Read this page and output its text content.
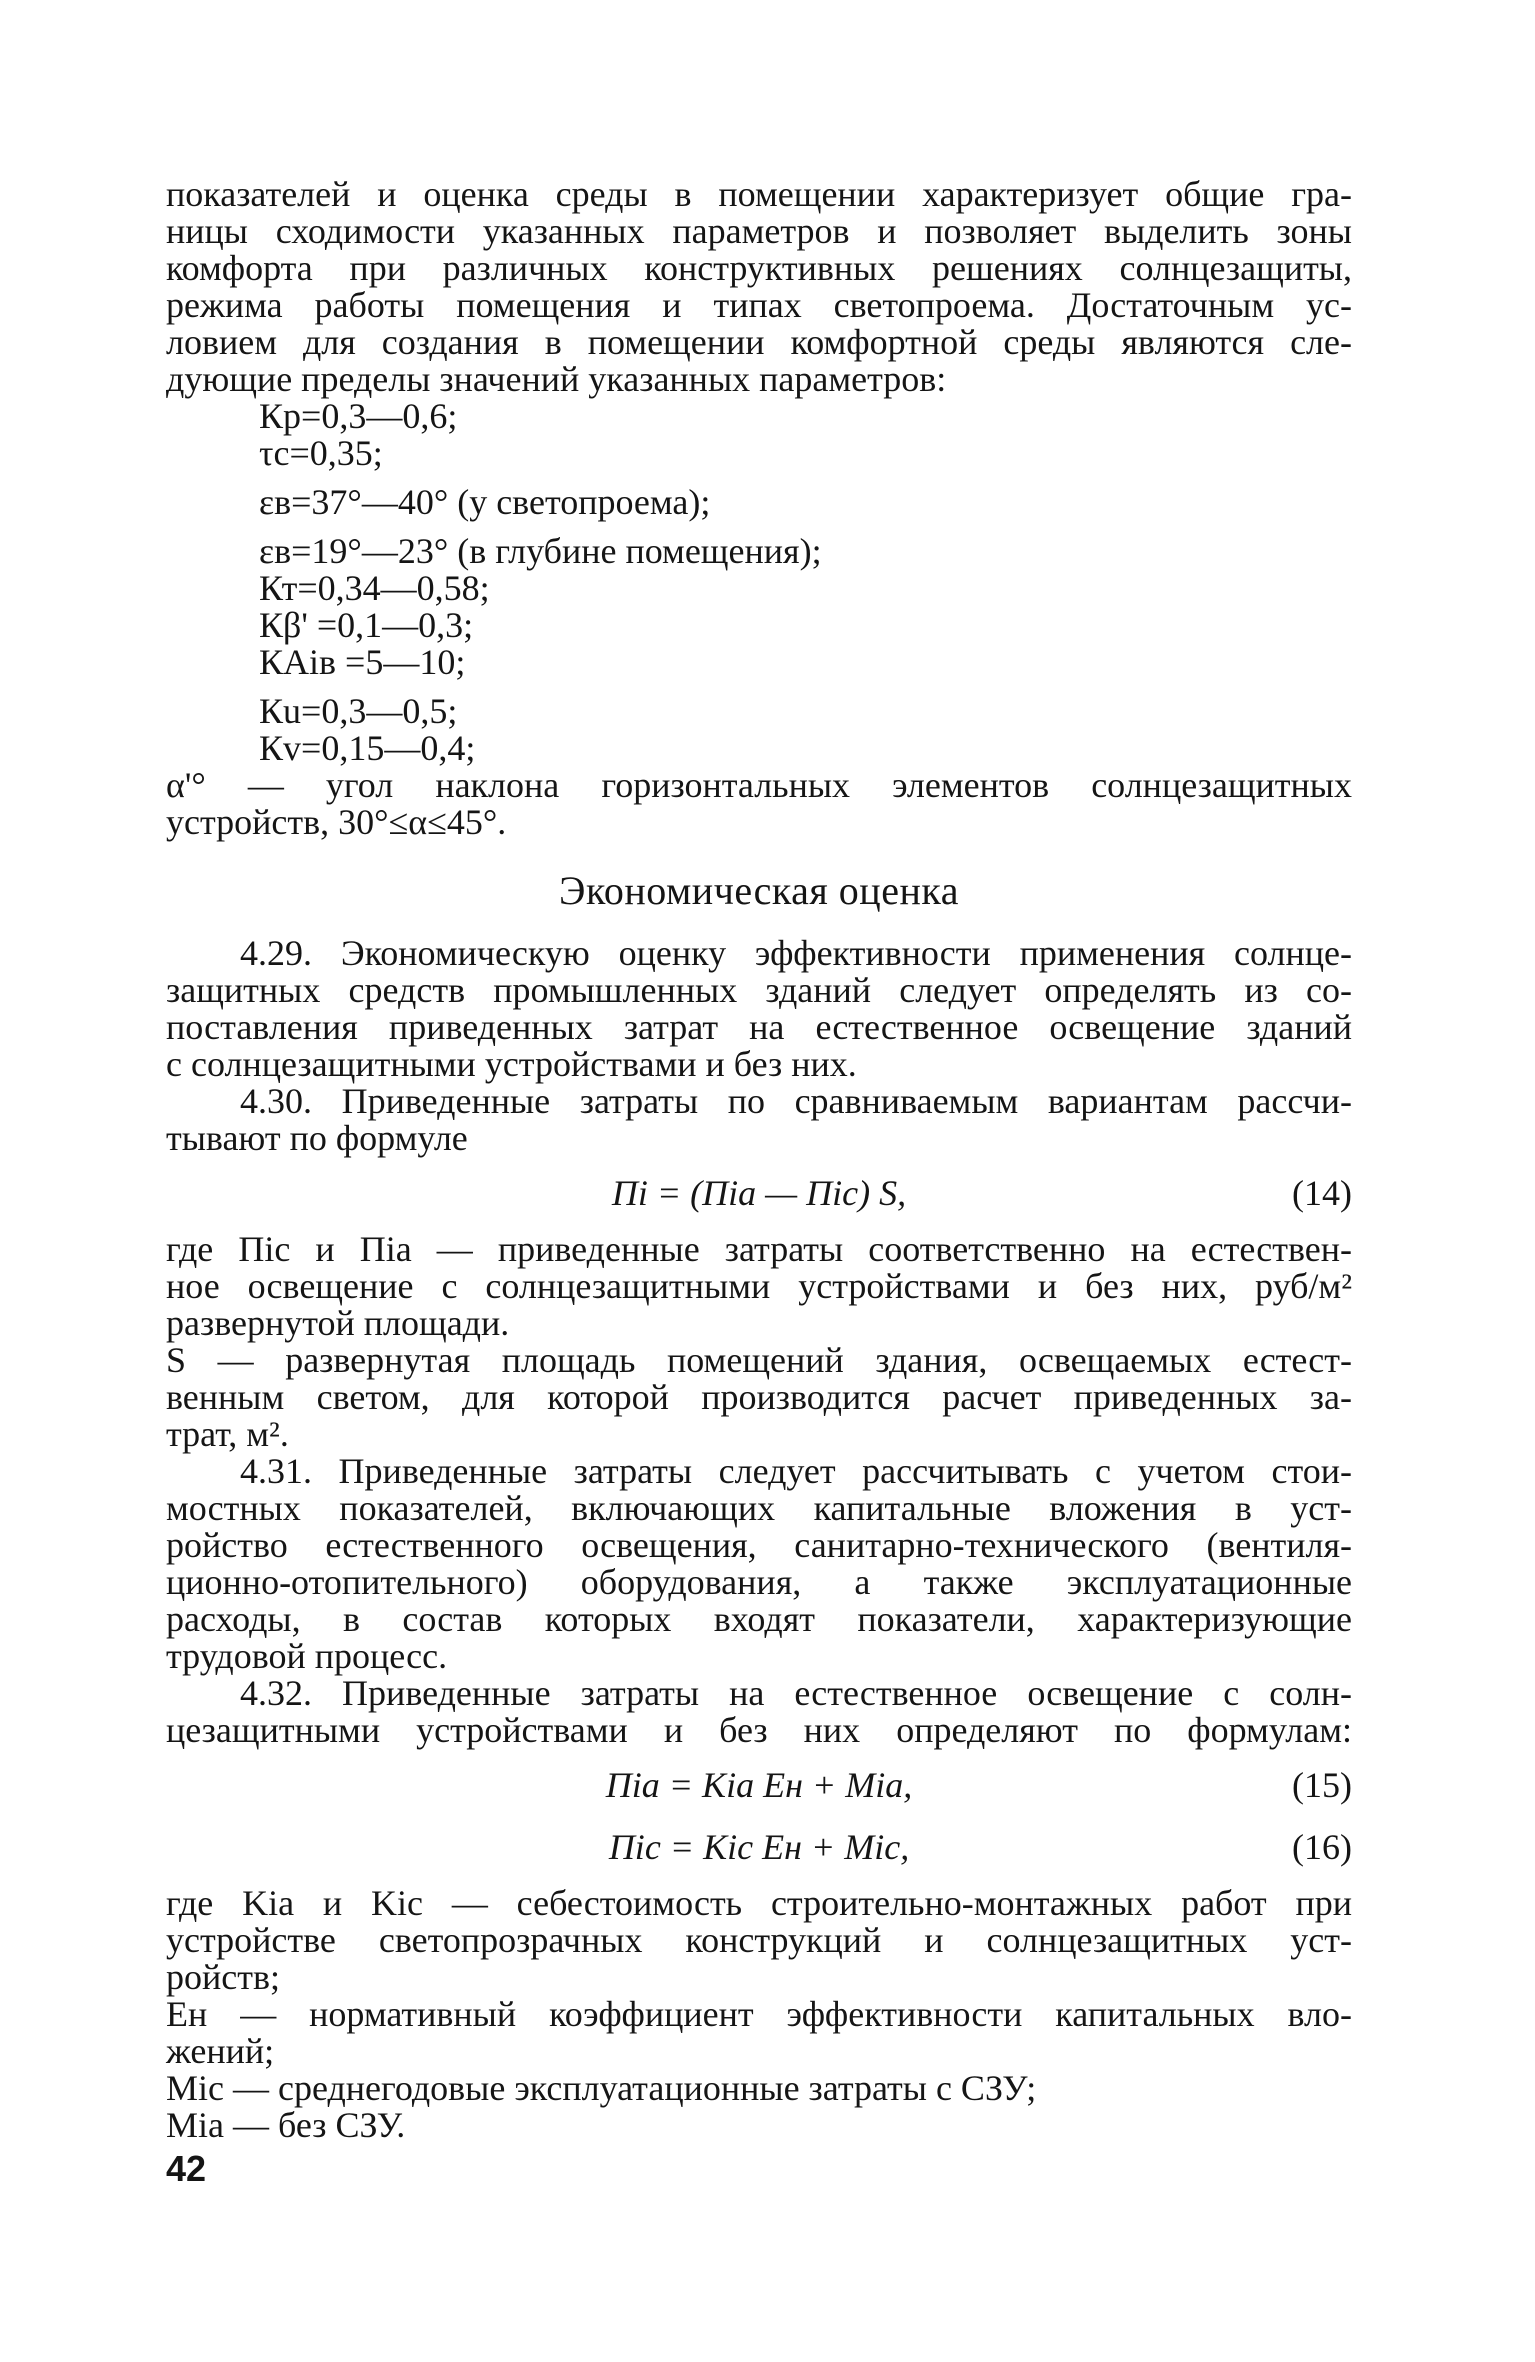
показателей и оценка среды в помещении характеризует общие гра-
ницы сходимости указанных параметров и позволяет выделить зоны
комфорта при различных конструктивных решениях солнцезащиты,
режима работы помещения и типах светопроема. Достаточным ус-
ловием для создания в помещении комфортной среды являются сле-
дующие пределы значений указанных параметров:
Кр=0,3—0,6;
τс=0,35;
εв=37°—40° (у светопроема);
εв=19°—23° (в глубине помещения);
Кт=0,34—0,58;
Кβ' =0,1—0,3;
КАiв =5—10;
Кu=0,3—0,5;
Кv=0,15—0,4;
α'° — угол наклона горизонтальных элементов солнцезащитных
устройств, 30°≤α≤45°.
Экономическая оценка
4.29. Экономическую оценку эффективности применения солнце-
защитных средств промышленных зданий следует определять из со-
поставления приведенных затрат на естественное освещение зданий
с солнцезащитными устройствами и без них.
4.30. Приведенные затраты по сравниваемым вариантам рассчи-
тывают по формуле
Пi = (Пia — Пic) S,	(14)
где Пic и Пia — приведенные затраты соответственно на естествен-
ное освещение с солнцезащитными устройствами и без них, руб/м²
развернутой площади.
S — развернутая площадь помещений здания, освещаемых естест-
венным светом, для которой производится расчет приведенных за-
трат, м².
4.31. Приведенные затраты следует рассчитывать с учетом стои-
мостных показателей, включающих капитальные вложения в уст-
ройство естественного освещения, санитарно-технического (вентиля-
ционно-отопительного) оборудования, а также эксплуатационные
расходы, в состав которых входят показатели, характеризующие
трудовой процесс.
4.32. Приведенные затраты на естественное освещение с солн-
цезащитными устройствами и без них определяют по формулам:
Пia = Kia Eн + Mia,	(15)
Пic = Kic Eн + Mic,	(16)
где Kia и Kic — себестоимость строительно-монтажных работ при
устройстве светопрозрачных конструкций и солнцезащитных уст-
ройств;
Eн — нормативный коэффициент эффективности капитальных вло-
жений;
Mic — среднегодовые эксплуатационные затраты с СЗУ;
Mia — без СЗУ.
42
